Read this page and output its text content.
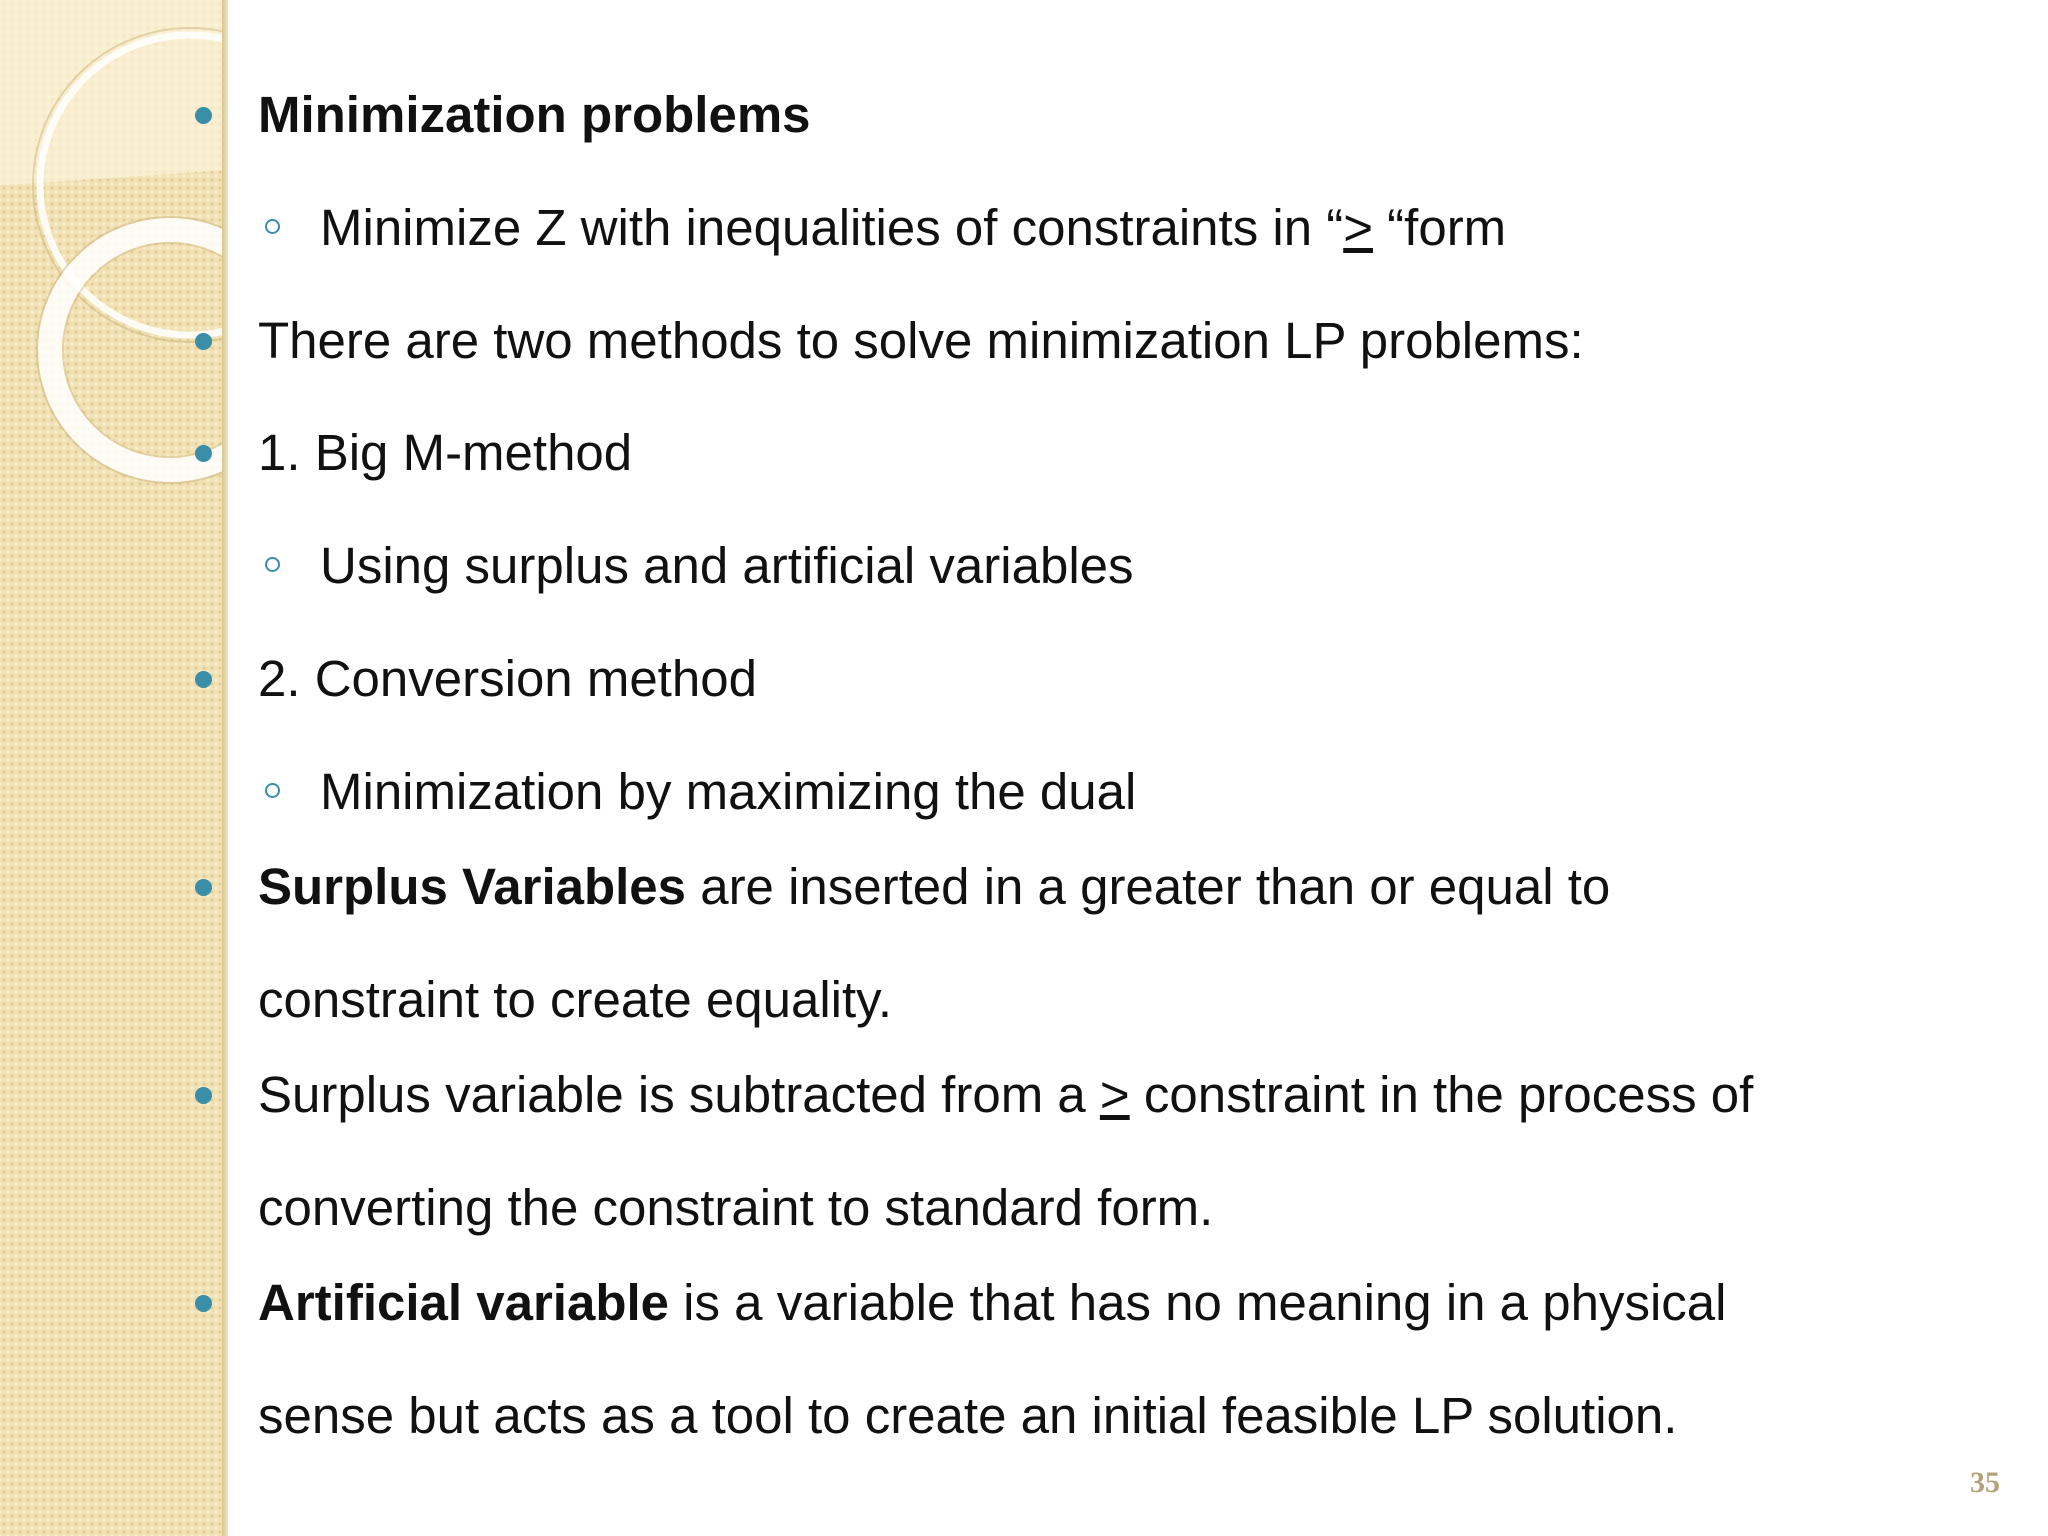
Minimization problems
Minimize Z with inequalities of constraints in “> “form
There are two methods to solve minimization LP problems:
1. Big M-method
Using surplus and artificial variables
2. Conversion method
Minimization by maximizing the dual
Surplus Variables are inserted in a greater than or equal to
constraint to create equality.
Surplus variable is subtracted from a > constraint in the process of
converting the constraint to standard form.
Artificial variable is a variable that has no meaning in a physical
sense but acts as a tool to create an initial feasible LP solution.
35
